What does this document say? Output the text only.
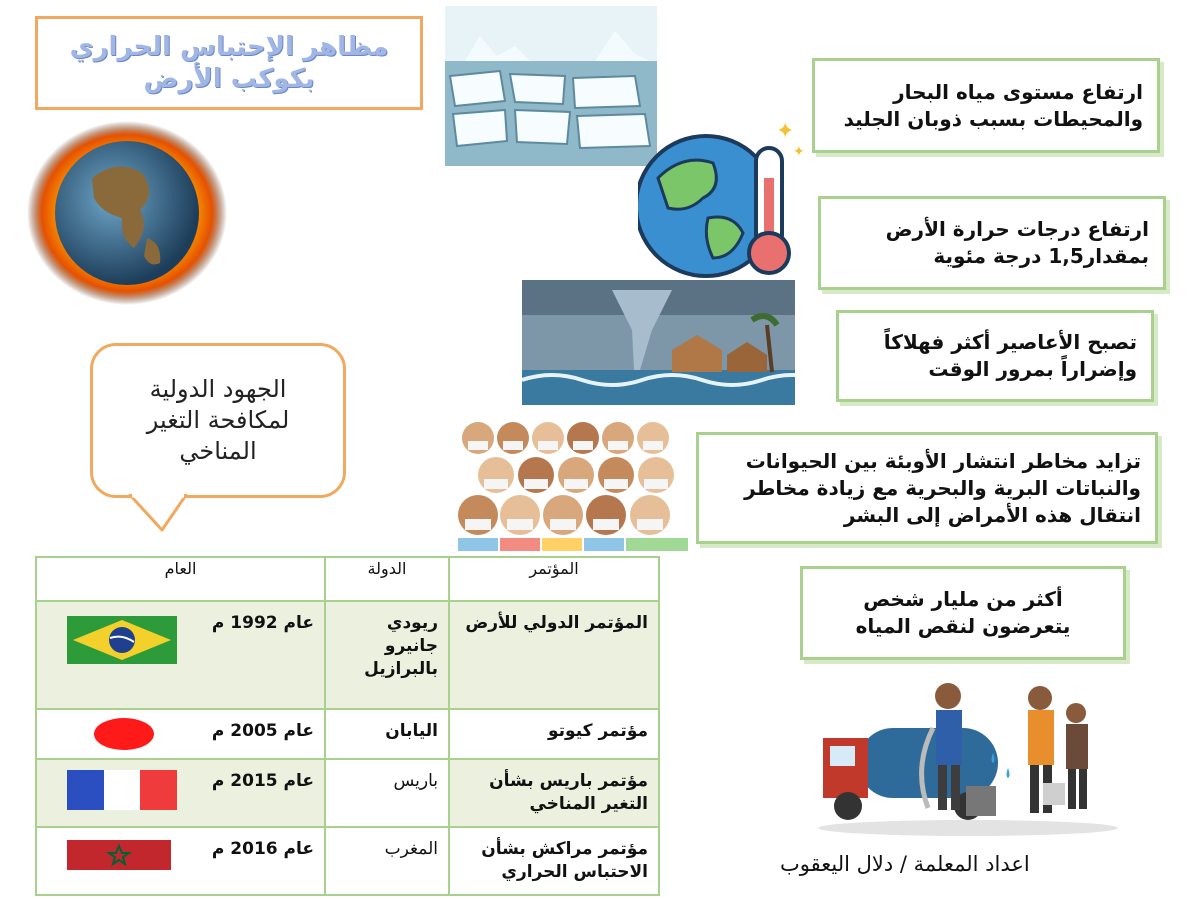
مظاهر الإحتباس الحراري
بكوكب الأرض
✦
✦
ارتفاع مستوى مياه البحار
والمحيطات بسبب ذوبان الجليد
ارتفاع درجات حرارة الأرض
بمقدار1,5 درجة مئوية
تصبح الأعاصير أكثر فهلاكاً
وإضراراً بمرور الوقت
تزايد مخاطر انتشار الأوبئة بين الحيوانات
والنباتات البرية والبحرية مع زيادة مخاطر
انتقال هذه الأمراض إلى البشر
أكثر من مليار شخص
يتعرضون لنقص المياه
الجهود الدولية
لمكافحة التغير
المناخي
المؤتمر	الدولة	العام
المؤتمر الدولي للأرض	ريودي جانيرو بالبرازيل	عام 1992 م

مؤتمر كيوتو	اليابان	عام 2005 م

مؤتمر باريس بشأن التغير المناخي	باريس	عام 2015 م

مؤتمر مراكش بشأن الاحتباس الحراري	المغرب	عام 2016 م
اعداد المعلمة / دلال اليعقوب
